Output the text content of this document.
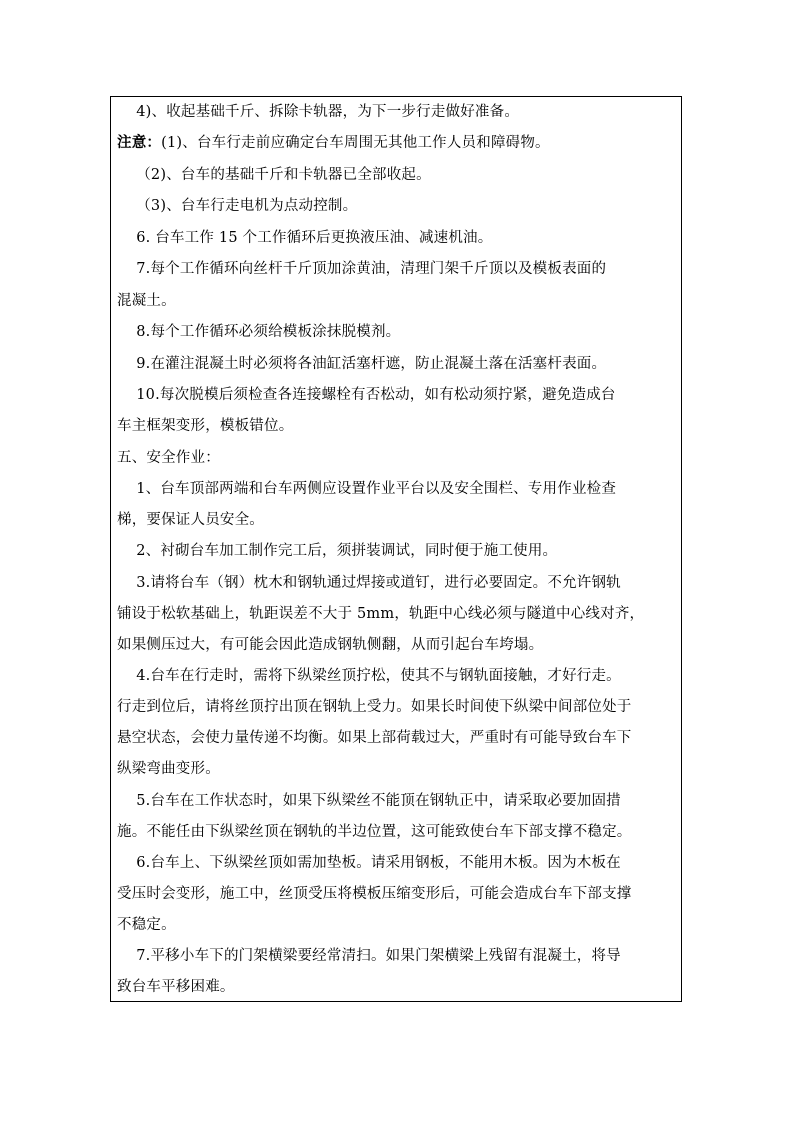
4)、收起基础千斤、拆除卡轨器，为下一步行走做好准备。
注意：(1)、台车行走前应确定台车周围无其他工作人员和障碍物。
（2)、台车的基础千斤和卡轨器已全部收起。
（3)、台车行走电机为点动控制。
6. 台车工作 15 个工作循环后更换液压油、减速机油。
7.每个工作循环向丝杆千斤顶加涂黄油，清理门架千斤顶以及模板表面的
混凝土。
8.每个工作循环必须给模板涂抹脱模剂。
9.在灌注混凝土时必须将各油缸活塞杆遮，防止混凝土落在活塞杆表面。
10.每次脱模后须检查各连接螺栓有否松动，如有松动须拧紧，避免造成台
车主框架变形，模板错位。
五、安全作业：
1、台车顶部两端和台车两侧应设置作业平台以及安全围栏、专用作业检查
梯，要保证人员安全。
2、衬砌台车加工制作完工后，须拼装调试，同时便于施工使用。
3.请将台车（钢）枕木和钢轨通过焊接或道钉，进行必要固定。不允许钢轨
铺设于松软基础上，轨距误差不大于 5mm，轨距中心线必须与隧道中心线对齐，
如果侧压过大，有可能会因此造成钢轨侧翻，从而引起台车垮塌。
4.台车在行走时，需将下纵梁丝顶拧松，使其不与钢轨面接触，才好行走。
行走到位后，请将丝顶拧出顶在钢轨上受力。如果长时间使下纵梁中间部位处于
悬空状态，会使力量传递不均衡。如果上部荷载过大，严重时有可能导致台车下
纵梁弯曲变形。
5.台车在工作状态时，如果下纵梁丝不能顶在钢轨正中，请采取必要加固措
施。不能任由下纵梁丝顶在钢轨的半边位置，这可能致使台车下部支撑不稳定。
6.台车上、下纵梁丝顶如需加垫板。请采用钢板，不能用木板。因为木板在
受压时会变形，施工中，丝顶受压将模板压缩变形后，可能会造成台车下部支撑
不稳定。
7.平移小车下的门架横梁要经常清扫。如果门架横梁上残留有混凝土，将导
致台车平移困难。
